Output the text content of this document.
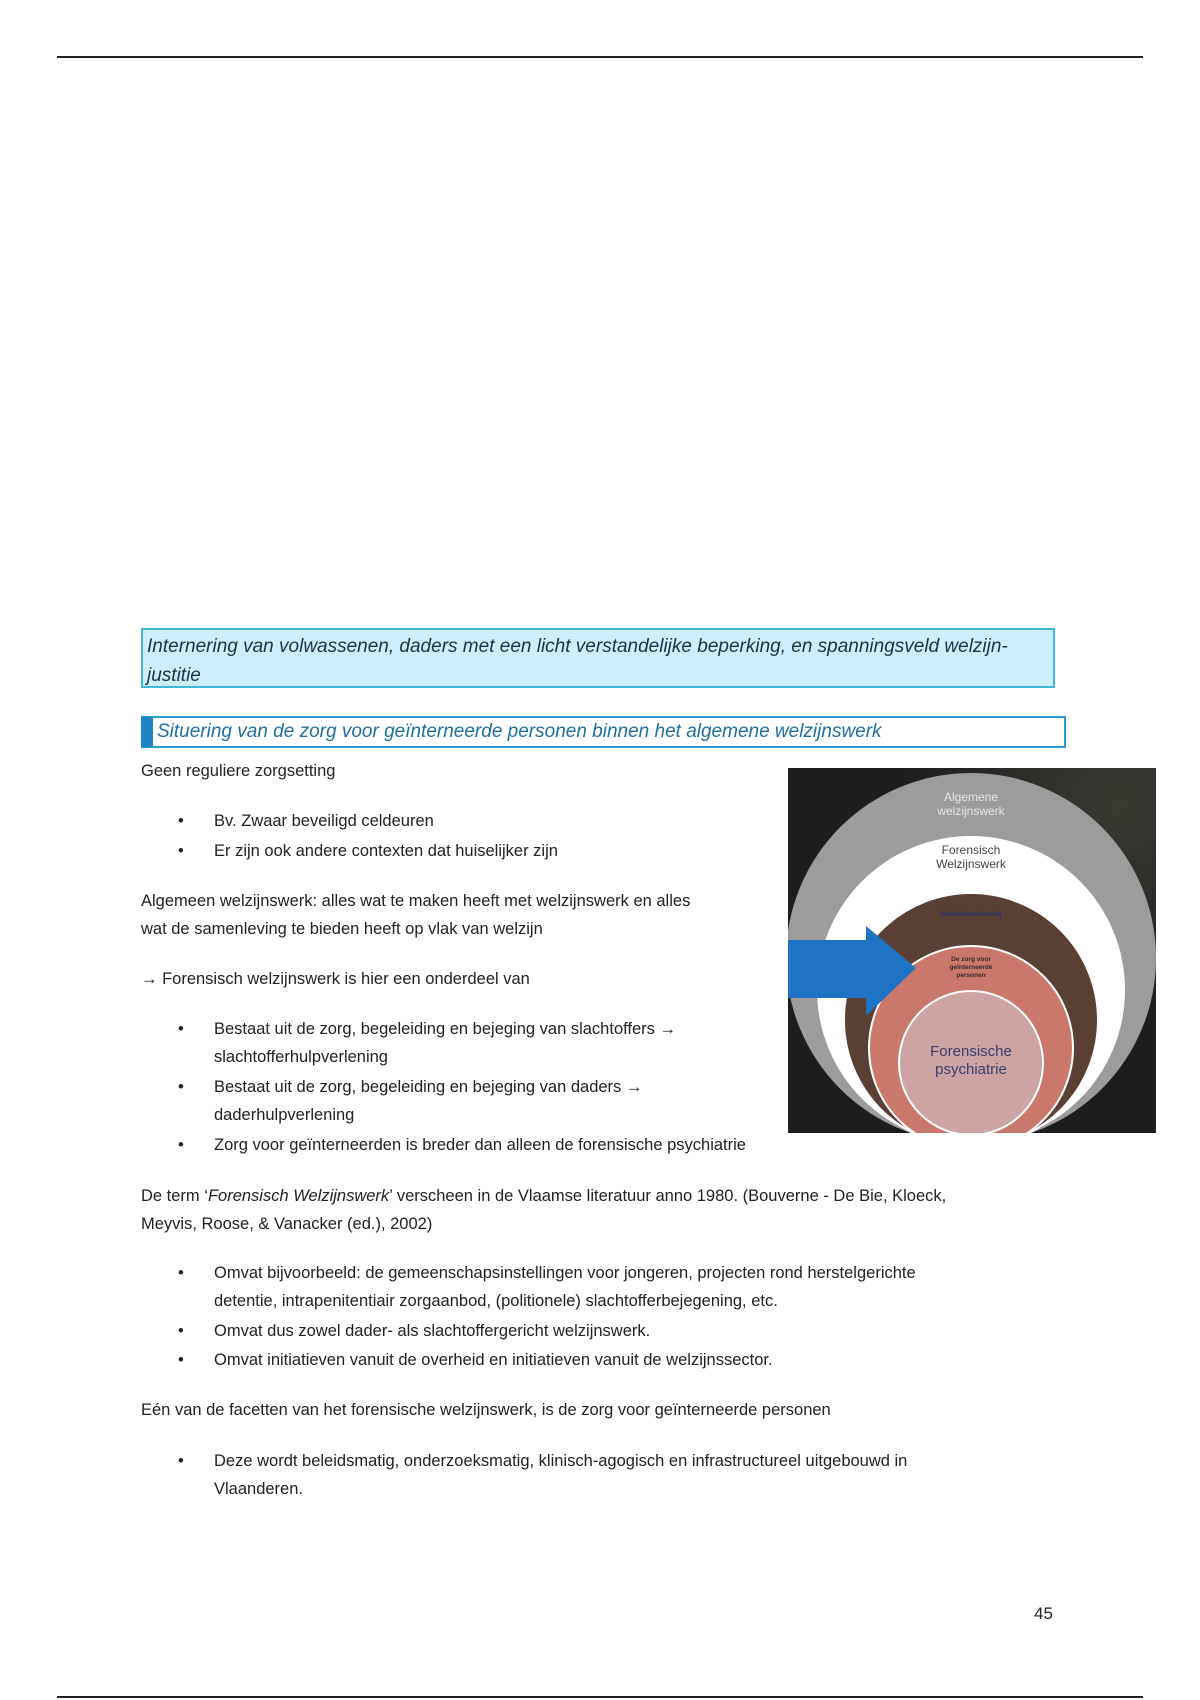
Internering van volwassenen, daders met een licht verstandelijke beperking, en spanningsveld welzijn-justitie
Situering van de zorg voor geïnterneerde personen binnen het algemene welzijnswerk
Geen reguliere zorgsetting
• Bv. Zwaar beveiligd celdeuren
• Er zijn ook andere contexten dat huiselijker zijn
Algemeen welzijnswerk: alles wat te maken heeft met welzijnswerk en alles
wat de samenleving te bieden heeft op vlak van welzijn
→ Forensisch welzijnswerk is hier een onderdeel van
• Bestaat uit de zorg, begeleiding en bejeging van slachtoffers →
slachtofferhulpverlening
• Bestaat uit de zorg, begeleiding en bejeging van daders →
daderhulpverlening
• Zorg voor geïnterneerden is breder dan alleen de forensische psychiatrie
De term ‘Forensisch Welzijnswerk’ verscheen in de Vlaamse literatuur anno 1980. (Bouverne - De Bie, Kloeck,
Meyvis, Roose, & Vanacker (ed.), 2002)
• Omvat bijvoorbeeld: de gemeenschapsinstellingen voor jongeren, projecten rond herstelgerichte
detentie, intrapenitentiair zorgaanbod, (politionele) slachtofferbejegening, etc.
• Omvat dus zowel dader- als slachtoffergericht welzijnswerk.
• Omvat initiatieven vanuit de overheid en initiatieven vanuit de welzijnssector.
Eén van de facetten van het forensische welzijnswerk, is de zorg voor geïnterneerde personen
• Deze wordt beleidsmatig, onderzoeksmatig, klinisch-agogisch en infrastructureel uitgebouwd in
Vlaanderen.
Algemene
welzijnswerk
Forensisch
Welzijnswerk
Daderhulpverlening
De zorg voor
geïnterneerde
personen
Forensische
psychiatrie
45
